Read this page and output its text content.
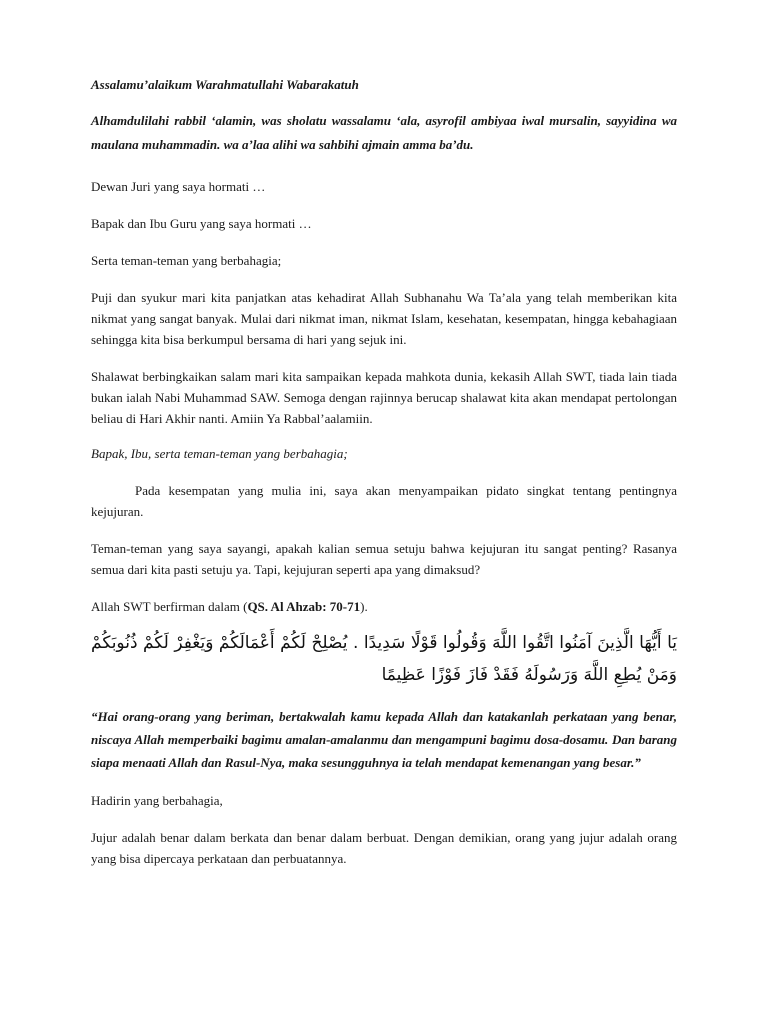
Assalamu’alaikum Warahmatullahi Wabarakatuh

Alhamdulilahi rabbil ‘alamin, was sholatu wassalamu ‘ala, asyrofil ambiyaa iwal mursalin, sayyidina wa maulana muhammadin. wa a’laa alihi wa sahbihi ajmain amma ba’du.

Dewan Juri yang saya hormati …

Bapak dan Ibu Guru yang saya hormati …

Serta teman-teman yang berbahagia;

Puji dan syukur mari kita panjatkan atas kehadirat Allah Subhanahu Wa Ta’ala yang telah memberikan kita nikmat yang sangat banyak. Mulai dari nikmat iman, nikmat Islam, kesehatan, kesempatan, hingga kebahagiaan sehingga kita bisa berkumpul bersama di hari yang sejuk ini.

Shalawat berbingkaikan salam mari kita sampaikan kepada mahkota dunia, kekasih Allah SWT, tiada lain tiada bukan ialah Nabi Muhammad SAW. Semoga dengan rajinnya berucap shalawat kita akan mendapat pertolongan beliau di Hari Akhir nanti. Amiin Ya Rabbal’aalamiin.

Bapak, Ibu, serta teman-teman yang berbahagia;

Pada kesempatan yang mulia ini, saya akan menyampaikan pidato singkat tentang pentingnya kejujuran.

Teman-teman yang saya sayangi, apakah kalian semua setuju bahwa kejujuran itu sangat penting? Rasanya semua dari kita pasti setuju ya. Tapi, kejujuran seperti apa yang dimaksud?

Allah SWT berfirman dalam (QS. Al Ahzab: 70-71).

يَا أَيُّهَا الَّذِينَ آمَنُوا اتَّقُوا اللَّهَ وَقُولُوا قَوْلًا سَدِيدًا . يُصْلِحْ لَكُمْ أَعْمَالَكُمْ وَيَغْفِرْ لَكُمْ ذُنُوبَكُمْ وَمَنْ يُطِعِ اللَّهَ وَرَسُولَهُ فَقَدْ فَازَ فَوْزًا عَظِيمًا

“Hai orang-orang yang beriman, bertakwalah kamu kepada Allah dan katakanlah perkataan yang benar, niscaya Allah memperbaiki bagimu amalan-amalanmu dan mengampuni bagimu dosa-dosamu. Dan barang siapa menaati Allah dan Rasul-Nya, maka sesungguhnya ia telah mendapat kemenangan yang besar.”

Hadirin yang berbahagia,

Jujur adalah benar dalam berkata dan benar dalam berbuat. Dengan demikian, orang yang jujur adalah orang yang bisa dipercaya perkataan dan perbuatannya.
